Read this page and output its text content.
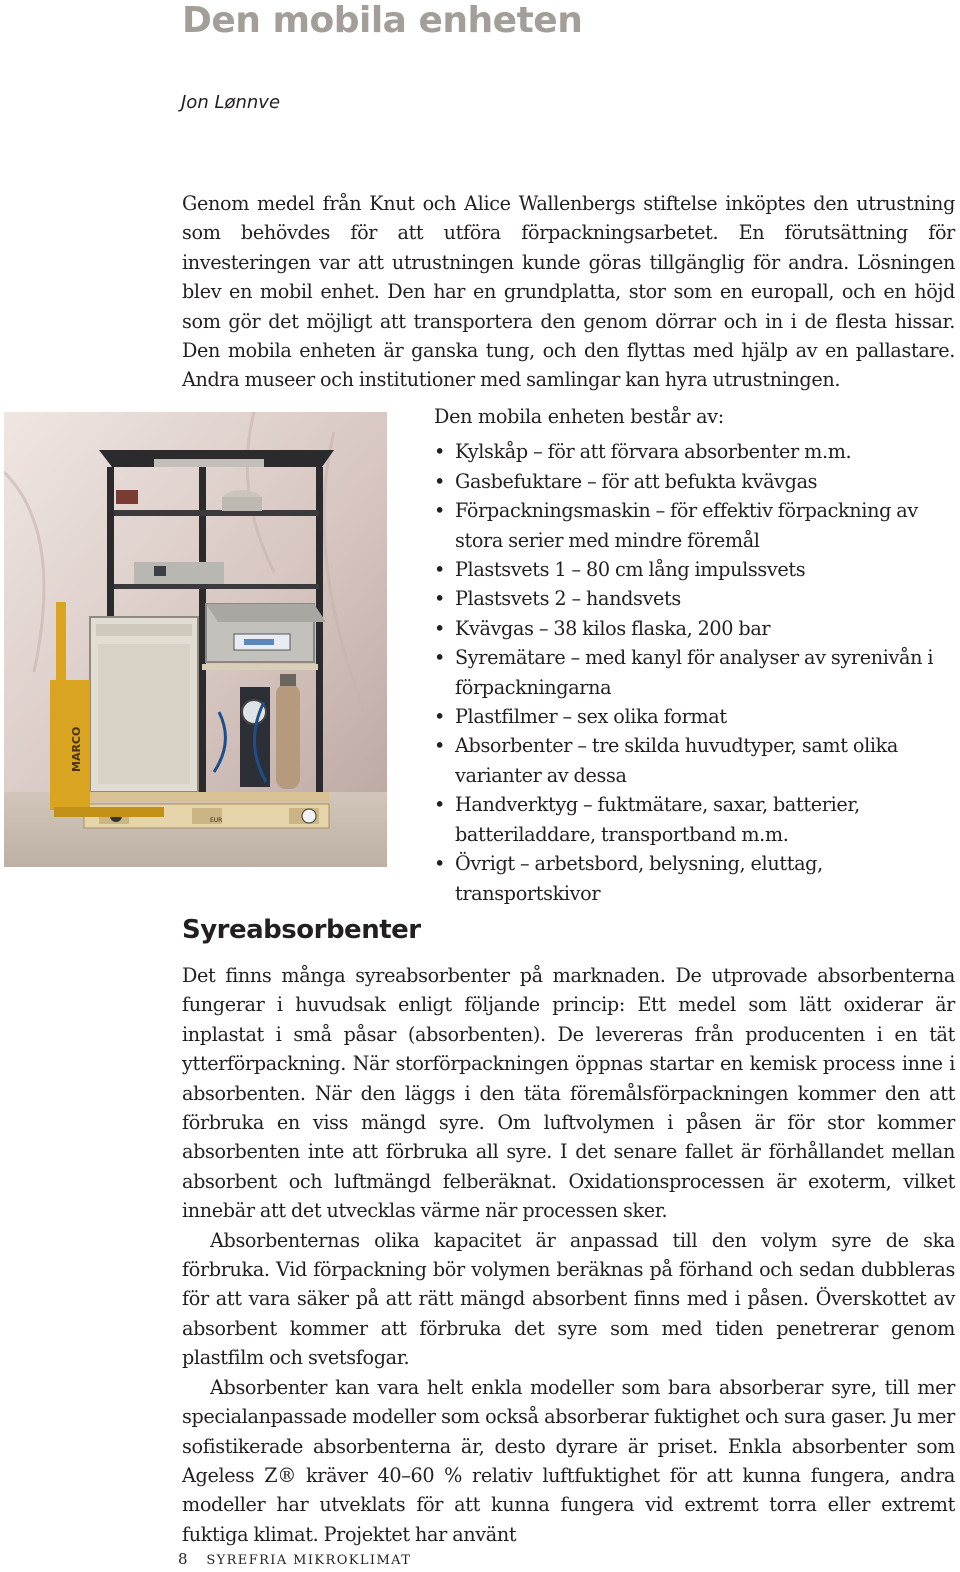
Den mobila enheten

Jon Lønnve

Genom medel från Knut och Alice Wallenbergs stiftelse inköptes den utrustning som behövdes för att utföra förpackningsarbetet. En förutsättning för investeringen var att utrustningen kunde göras tillgänglig för andra. Lösningen blev en mobil enhet. Den har en grundplatta, stor som en europall, och en höjd som gör det möjligt att transportera den genom dörrar och in i de flesta hissar. Den mobila enheten är ganska tung, och den flyttas med hjälp av en pallastare. Andra museer och institutioner med samlingar kan hyra utrustningen.

MARCO
EUR

Den mobila enheten består av:

• Kylskåp – för att förvara absorbenter m.m.
• Gasbefuktare – för att befukta kvävgas
• Förpackningsmaskin – för effektiv förpackning av stora serier med mindre föremål
• Plastsvets 1 – 80 cm lång impulssvets
• Plastsvets 2 – handsvets
• Kvävgas – 38 kilos flaska, 200 bar
• Syremätare – med kanyl för analyser av syrenivån i förpackningarna
• Plastfilmer – sex olika format
• Absorbenter – tre skilda huvudtyper, samt olika varianter av dessa
• Handverktyg – fuktmätare, saxar, batterier, batteriladdare, transportband m.m.
• Övrigt – arbetsbord, belysning, eluttag, transportskivor
Syreabsorbenter

Det finns många syreabsorbenter på marknaden. De utprovade absorbenterna fungerar i huvudsak enligt följande princip: Ett medel som lätt oxiderar är inplastat i små påsar (absorbenten). De levereras från producenten i en tät ytterförpackning. När storförpackningen öppnas startar en kemisk process inne i absorbenten. När den läggs i den täta föremålsförpackningen kommer den att förbruka en viss mängd syre. Om luftvolymen i påsen är för stor kommer absorbenten inte att förbruka all syre. I det senare fallet är förhållandet mellan absorbent och luftmängd felberäknat. Oxidationsprocessen är exoterm, vilket innebär att det utvecklas värme när processen sker.

Absorbenternas olika kapacitet är anpassad till den volym syre de ska förbruka. Vid förpackning bör volymen beräknas på förhand och sedan dubbleras för att vara säker på att rätt mängd absorbent finns med i påsen. Överskottet av absorbent kommer att förbruka det syre som med tiden penetrerar genom plastfilm och svetsfogar.

Absorbenter kan vara helt enkla modeller som bara absorberar syre, till mer specialanpassade modeller som också absorberar fuktighet och sura gaser. Ju mer sofistikerade absorbenterna är, desto dyrare är priset. Enkla absorbenter som Ageless Z® kräver 40–60 % relativ luftfuktighet för att kunna fungera, andra modeller har utveklats för att kunna fungera vid extremt torra eller extremt fuktiga klimat. Projektet har använt

8 SYREFRIA MIKROKLIMAT
